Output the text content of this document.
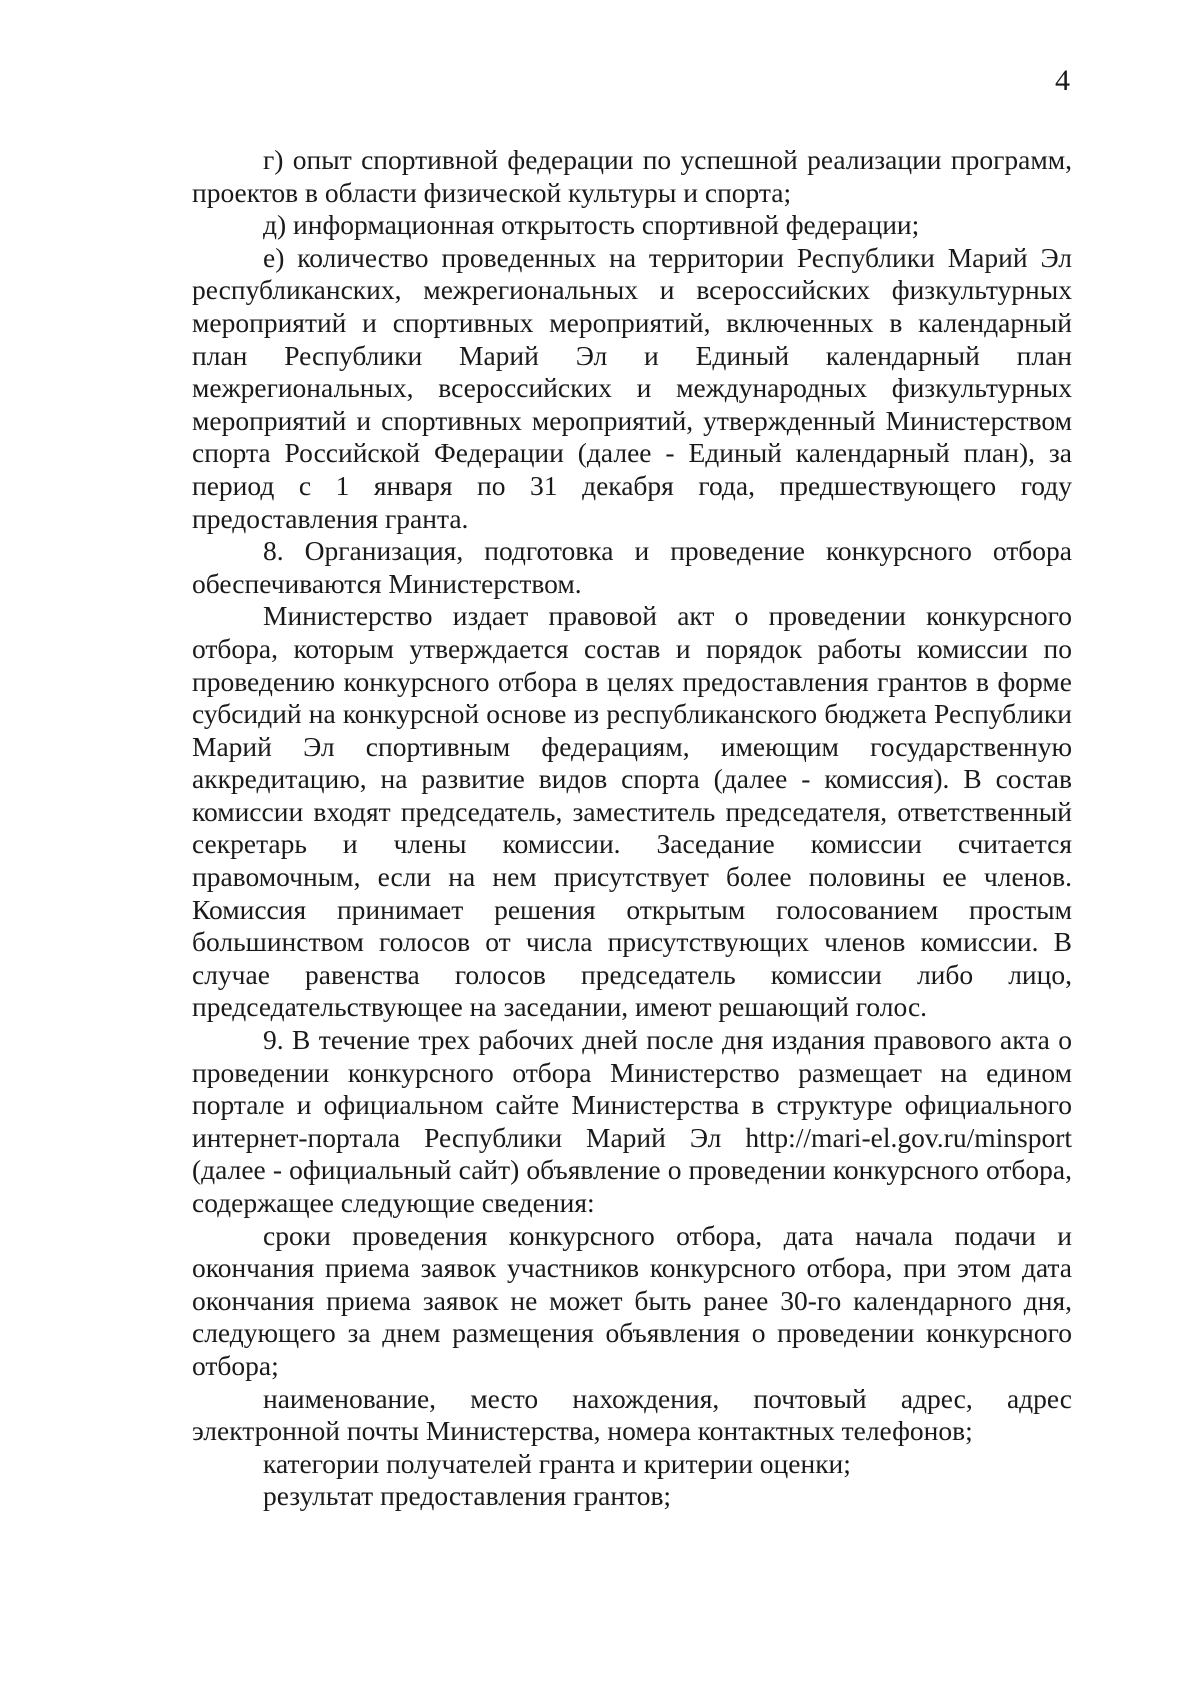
4

г) опыт спортивной федерации по успешной реализации программ, проектов в области физической культуры и спорта;

д) информационная открытость спортивной федерации;

е) количество проведенных на территории Республики Марий Эл республиканских, межрегиональных и всероссийских физкультурных мероприятий и спортивных мероприятий, включенных в календарный план Республики Марий Эл и Единый календарный план межрегиональных, всероссийских и международных физкультурных мероприятий и спортивных мероприятий, утвержденный Министерством спорта Российской Федерации (далее - Единый календарный план), за период с 1 января по 31 декабря года, предшествующего году предоставления гранта.

8. Организация, подготовка и проведение конкурсного отбора обеспечиваются Министерством.

Министерство издает правовой акт о проведении конкурсного отбора, которым утверждается состав и порядок работы комиссии по проведению конкурсного отбора в целях предоставления грантов в форме субсидий на конкурсной основе из республиканского бюджета Республики Марий Эл спортивным федерациям, имеющим государственную аккредитацию, на развитие видов спорта (далее - комиссия). В состав комиссии входят председатель, заместитель председателя, ответственный секретарь и члены комиссии. Заседание комиссии считается правомочным, если на нем присутствует более половины ее членов. Комиссия принимает решения открытым голосованием простым большинством голосов от числа присутствующих членов комиссии. В случае равенства голосов председатель комиссии либо лицо, председательствующее на заседании, имеют решающий голос.

9. В течение трех рабочих дней после дня издания правового акта о проведении конкурсного отбора Министерство размещает на едином портале и официальном сайте Министерства в структуре официального интернет-портала Республики Марий Эл http://mari-el.gov.ru/minsport (далее - официальный сайт) объявление о проведении конкурсного отбора, содержащее следующие сведения:

сроки проведения конкурсного отбора, дата начала подачи и окончания приема заявок участников конкурсного отбора, при этом дата окончания приема заявок не может быть ранее 30-го календарного дня, следующего за днем размещения объявления о проведении конкурсного отбора;

наименование, место нахождения, почтовый адрес, адрес электронной почты Министерства, номера контактных телефонов;

категории получателей гранта и критерии оценки;

результат предоставления грантов;
